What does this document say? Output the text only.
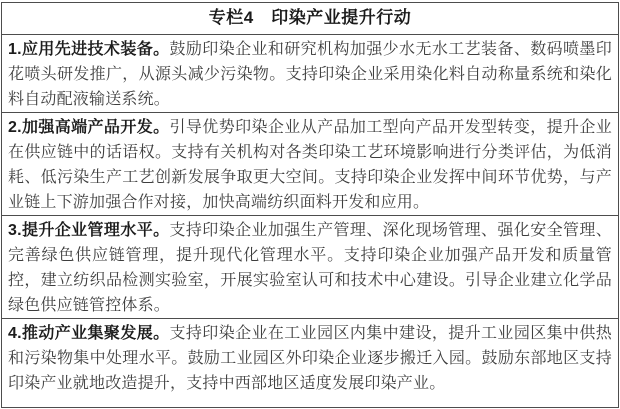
专栏4　印染产业提升行动
1.应用先进技术装备。鼓励印染企业和研究机构加强少水无水工艺装备、数码喷墨印花喷头研发推广，从源头减少污染物。支持印染企业采用染化料自动称量系统和染化料自动配液输送系统。
2.加强高端产品开发。引导优势印染企业从产品加工型向产品开发型转变，提升企业在供应链中的话语权。支持有关机构对各类印染工艺环境影响进行分类评估，为低消耗、低污染生产工艺创新发展争取更大空间。支持印染企业发挥中间环节优势，与产业链上下游加强合作对接，加快高端纺织面料开发和应用。
3.提升企业管理水平。支持印染企业加强生产管理、深化现场管理、强化安全管理、完善绿色供应链管理，提升现代化管理水平。支持印染企业加强产品开发和质量管控，建立纺织品检测实验室，开展实验室认可和技术中心建设。引导企业建立化学品绿色供应链管控体系。
4.推动产业集聚发展。支持印染企业在工业园区内集中建设，提升工业园区集中供热和污染物集中处理水平。鼓励工业园区外印染企业逐步搬迁入园。鼓励东部地区支持印染产业就地改造提升，支持中西部地区适度发展印染产业。
